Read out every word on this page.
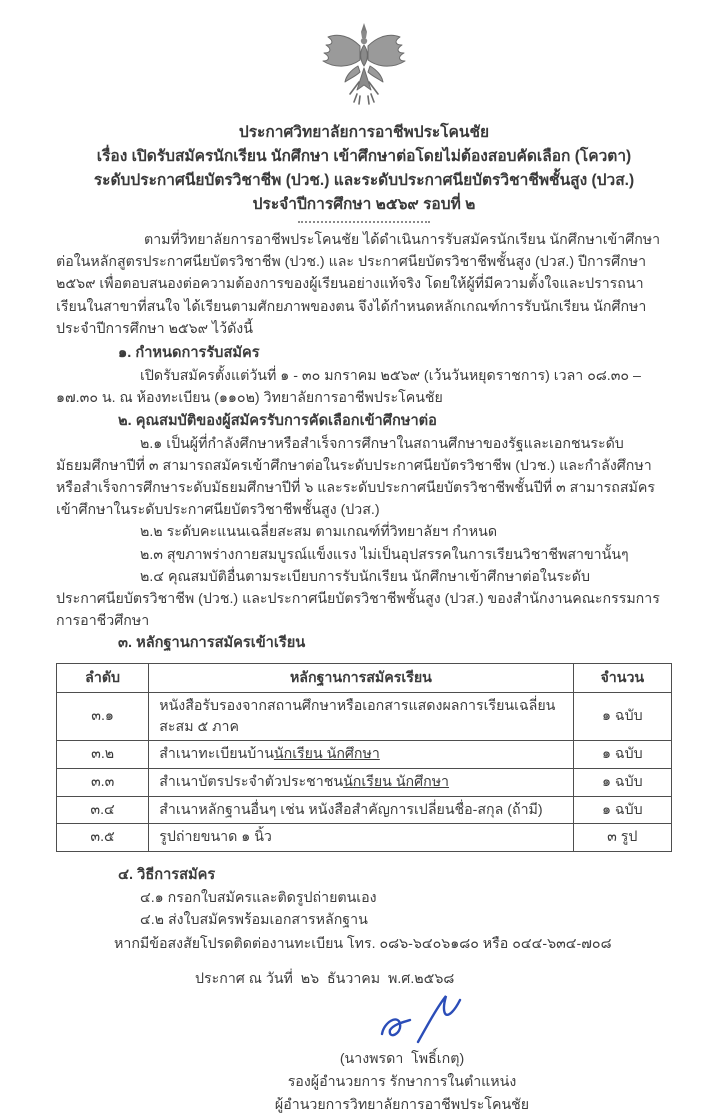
ประกาศวิทยาลัยการอาชีพประโคนชัย
เรื่อง เปิดรับสมัครนักเรียน นักศึกษา เข้าศึกษาต่อโดยไม่ต้องสอบคัดเลือก (โควตา)
ระดับประกาศนียบัตรวิชาชีพ (ปวช.) และระดับประกาศนียบัตรวิชาชีพชั้นสูง (ปวส.)
ประจำปีการศึกษา ๒๕๖๙ รอบที่ ๒

ตามที่วิทยาลัยการอาชีพประโคนชัย ได้ดำเนินการรับสมัครนักเรียน นักศึกษาเข้าศึกษาต่อในหลักสูตรประกาศนียบัตรวิชาชีพ (ปวช.) และ ประกาศนียบัตรวิชาชีพชั้นสูง (ปวส.) ปีการศึกษา ๒๕๖๙ เพื่อตอบสนองต่อความต้องการของผู้เรียนอย่างแท้จริง โดยให้ผู้ที่มีความตั้งใจและปรารถนาเรียนในสาขาที่สนใจ ได้เรียนตามศักยภาพของตน จึงได้กำหนดหลักเกณฑ์การรับนักเรียน นักศึกษา ประจำปีการศึกษา ๒๕๖๙ ไว้ดังนี้

๑. กำหนดการรับสมัคร

เปิดรับสมัครตั้งแต่วันที่ ๑ - ๓๐ มกราคม ๒๕๖๙ (เว้นวันหยุดราชการ) เวลา ๐๘.๓๐ – ๑๗.๓๐ น. ณ ห้องทะเบียน (๑๑๐๒) วิทยาลัยการอาชีพประโคนชัย

๒. คุณสมบัติของผู้สมัครรับการคัดเลือกเข้าศึกษาต่อ

๒.๑ เป็นผู้ที่กำลังศึกษาหรือสำเร็จการศึกษาในสถานศึกษาของรัฐและเอกชนระดับมัธยมศึกษาปีที่ ๓ สามารถสมัครเข้าศึกษาต่อในระดับประกาศนียบัตรวิชาชีพ (ปวช.) และกำลังศึกษาหรือสำเร็จการศึกษาระดับมัธยมศึกษาปีที่ ๖ และระดับประกาศนียบัตรวิชาชีพชั้นปีที่ ๓ สามารถสมัครเข้าศึกษาในระดับประกาศนียบัตรวิชาชีพชั้นสูง (ปวส.)

๒.๒ ระดับคะแนนเฉลี่ยสะสม ตามเกณฑ์ที่วิทยาลัยฯ กำหนด

๒.๓ สุขภาพร่างกายสมบูรณ์แข็งแรง ไม่เป็นอุปสรรคในการเรียนวิชาชีพสาขานั้นๆ

๒.๔ คุณสมบัติอื่นตามระเบียบการรับนักเรียน นักศึกษาเข้าศึกษาต่อในระดับประกาศนียบัตรวิชาชีพ (ปวช.) และประกาศนียบัตรวิชาชีพชั้นสูง (ปวส.) ของสำนักงานคณะกรรมการการอาชีวศึกษา

๓. หลักฐานการสมัครเข้าเรียน

ลำดับ	หลักฐานการสมัครเรียน	จำนวน
๓.๑	หนังสือรับรองจากสถานศึกษาหรือเอกสารแสดงผลการเรียนเฉลี่ยนสะสม ๕ ภาค	๑ ฉบับ
๓.๒	สำเนาทะเบียนบ้านนักเรียน นักศึกษา	๑ ฉบับ
๓.๓	สำเนาบัตรประจำตัวประชาชนนักเรียน นักศึกษา	๑ ฉบับ
๓.๔	สำเนาหลักฐานอื่นๆ เช่น หนังสือสำคัญการเปลี่ยนชื่อ-สกุล (ถ้ามี)	๑ ฉบับ
๓.๕	รูปถ่ายขนาด ๑ นิ้ว	๓ รูป

๔. วิธีการสมัคร

๔.๑ กรอกใบสมัครและติดรูปถ่ายตนเอง

๔.๒ ส่งใบสมัครพร้อมเอกสารหลักฐาน

หากมีข้อสงสัยโปรดติดต่องานทะเบียน โทร. ๐๘๖-๖๔๐๖๑๘๐ หรือ ๐๔๔-๖๓๔-๗๐๘

ประกาศ ณ วันที่  ๒๖  ธันวาคม  พ.ศ.๒๕๖๘

(นางพรดา  โพธิ์เกตุ)
รองผู้อำนวยการ รักษาการในตำแหน่ง
ผู้อำนวยการวิทยาลัยการอาชีพประโคนชัย
